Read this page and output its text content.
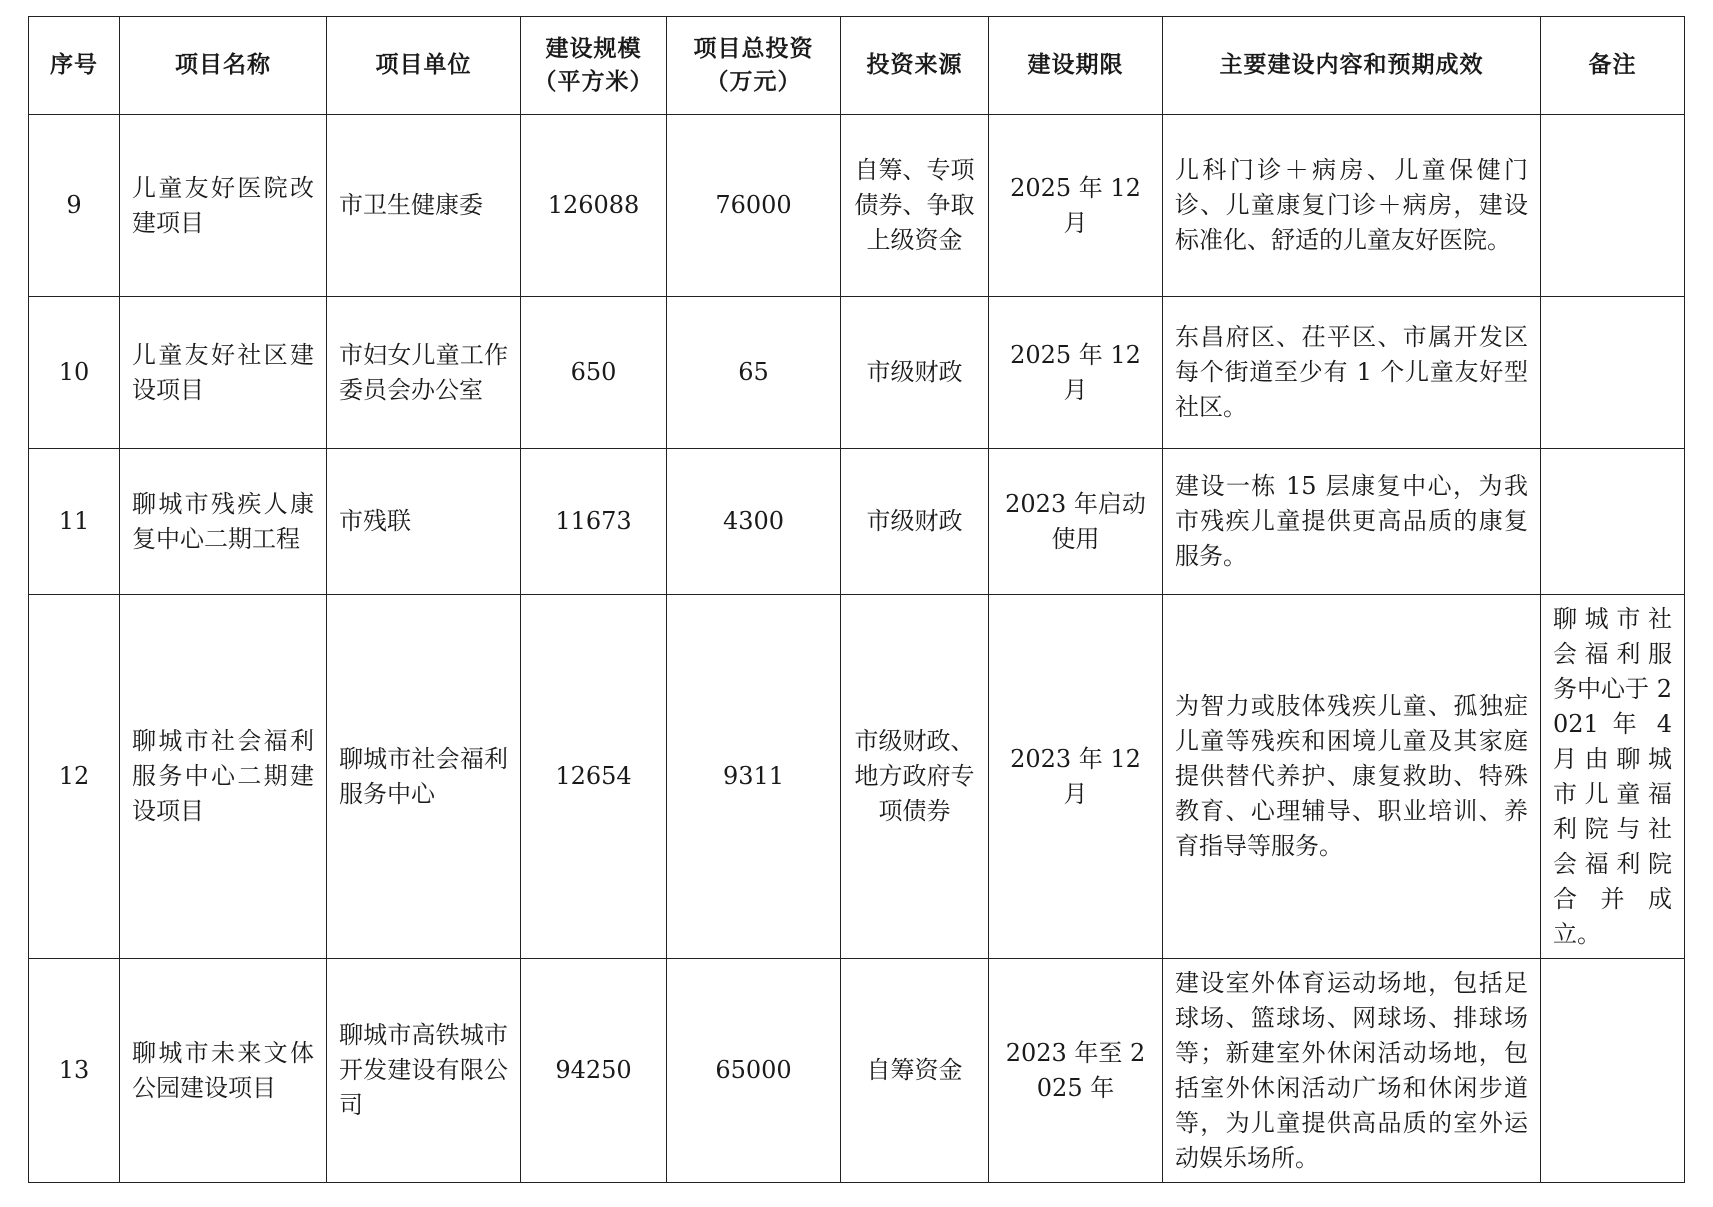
序号	项目名称	项目单位	建设规模（平方米）	项目总投资（万元）	投资来源	建设期限	主要建设内容和预期成效	备注
9	儿童友好医院改建项目	市卫生健康委	126088	76000	自筹、专项债券、争取上级资金	2025 年 12 月	儿科门诊＋病房、儿童保健门诊、儿童康复门诊＋病房，建设标准化、舒适的儿童友好医院。	
10	儿童友好社区建设项目	市妇女儿童工作委员会办公室	650	65	市级财政	2025 年 12 月	东昌府区、茌平区、市属开发区每个街道至少有 1 个儿童友好型社区。	
11	聊城市残疾人康复中心二期工程	市残联	11673	4300	市级财政	2023 年启动使用	建设一栋 15 层康复中心，为我市残疾儿童提供更高品质的康复服务。	
12	聊城市社会福利服务中心二期建设项目	聊城市社会福利服务中心	12654	9311	市级财政、地方政府专项债券	2023 年 12 月	为智力或肢体残疾儿童、孤独症儿童等残疾和困境儿童及其家庭提供替代养护、康复救助、特殊教育、心理辅导、职业培训、养育指导等服务。	聊城市社会福利服务中心于 2021 年 4 月由聊城市儿童福利院与社会福利院合并成立。
13	聊城市未来文体公园建设项目	聊城市高铁城市开发建设有限公司	94250	65000	自筹资金	2023 年至 2025 年	建设室外体育运动场地，包括足球场、篮球场、网球场、排球场等；新建室外休闲活动场地，包括室外休闲活动广场和休闲步道等，为儿童提供高品质的室外运动娱乐场所。	
